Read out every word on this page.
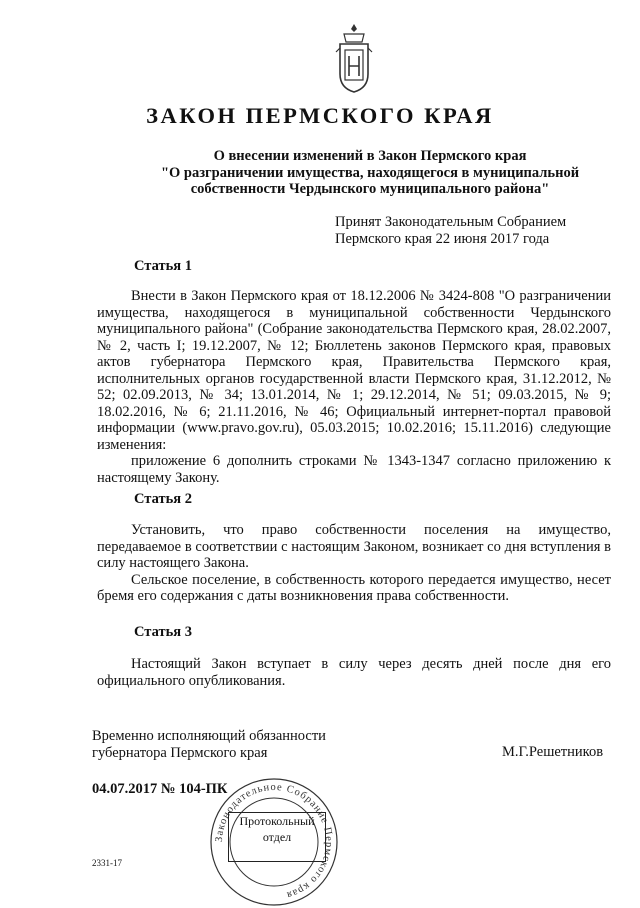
ЗАКОН ПЕРМСКОГО КРАЯ
О внесении изменений в Закон Пермского края
"О разграничении имущества, находящегося в муниципальной
собственности Чердынского муниципального района"
Принят Законодательным Собранием
Пермского края 22 июня 2017 года
Статья 1

Внести в Закон Пермского края от 18.12.2006 № 3424-808 "О разграничении имущества, находящегося в муниципальной собственности Чердынского муниципального района" (Собрание законодательства Пермского края, 28.02.2007, № 2, часть I; 19.12.2007, № 12; Бюллетень законов Пермского края, правовых актов губернатора Пермского края, Правительства Пермского края, исполнительных органов государственной власти Пермского края, 31.12.2012, № 52; 02.09.2013, № 34; 13.01.2014, № 1; 29.12.2014, № 51; 09.03.2015, № 9; 18.02.2016, № 6; 21.11.2016, № 46; Официальный интернет-портал правовой информации (www.pravo.gov.ru), 05.03.2015; 10.02.2016; 15.11.2016) следующие изменения:

приложение 6 дополнить строками № 1343-1347 согласно приложению к настоящему Закону.

Статья 2

Установить, что право собственности поселения на имущество, передаваемое в соответствии с настоящим Законом, возникает со дня вступления в силу настоящего Закона.

Сельское поселение, в собственность которого передается имущество, несет бремя его содержания с даты возникновения права собственности.

Статья 3

Настоящий Закон вступает в силу через десять дней после дня его официального опубликования.

Временно исполняющий обязанности
губернатора Пермского края	М.Г.Решетников
04.07.2017 № 104-ПК
Законодательное Собрание Пермского края
Протокольный
отдел
2331-17
